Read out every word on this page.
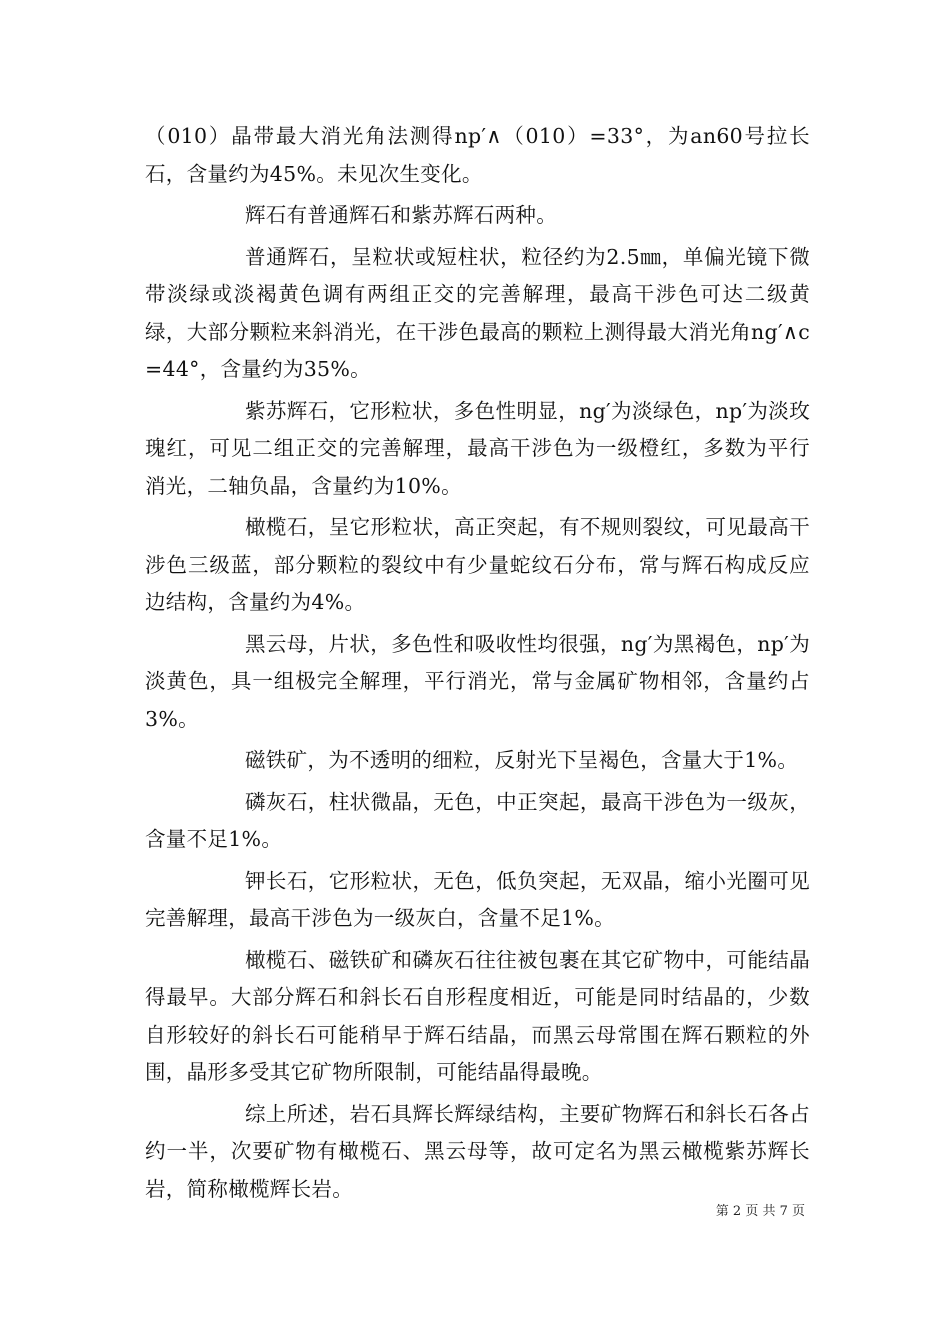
（010）晶带最大消光角法测得np′∧（010）=33°，为an60号拉长石，含量约为45%。未见次生变化。

辉石有普通辉石和紫苏辉石两种。

普通辉石，呈粒状或短柱状，粒径约为2.5㎜，单偏光镜下微带淡绿或淡褐黄色调有两组正交的完善解理，最高干涉色可达二级黄绿，大部分颗粒来斜消光，在干涉色最高的颗粒上测得最大消光角ng′∧c=44°，含量约为35%。

紫苏辉石，它形粒状，多色性明显，ng′为淡绿色，np′为淡玫瑰红，可见二组正交的完善解理，最高干涉色为一级橙红，多数为平行消光，二轴负晶，含量约为10%。

橄榄石，呈它形粒状，高正突起，有不规则裂纹，可见最高干涉色三级蓝，部分颗粒的裂纹中有少量蛇纹石分布，常与辉石构成反应边结构，含量约为4%。

黑云母，片状，多色性和吸收性均很强，ng′为黑褐色，np′为淡黄色，具一组极完全解理，平行消光，常与金属矿物相邻，含量约占3%。

磁铁矿，为不透明的细粒，反射光下呈褐色，含量大于1%。

磷灰石，柱状微晶，无色，中正突起，最高干涉色为一级灰，含量不足1%。

钾长石，它形粒状，无色，低负突起，无双晶，缩小光圈可见完善解理，最高干涉色为一级灰白，含量不足1%。

橄榄石、磁铁矿和磷灰石往往被包裹在其它矿物中，可能结晶得最早。大部分辉石和斜长石自形程度相近，可能是同时结晶的，少数自形较好的斜长石可能稍早于辉石结晶，而黑云母常围在辉石颗粒的外围，晶形多受其它矿物所限制，可能结晶得最晚。

综上所述，岩石具辉长辉绿结构，主要矿物辉石和斜长石各占约一半，次要矿物有橄榄石、黑云母等，故可定名为黑云橄榄紫苏辉长岩，简称橄榄辉长岩。

第 2 页 共 7 页
